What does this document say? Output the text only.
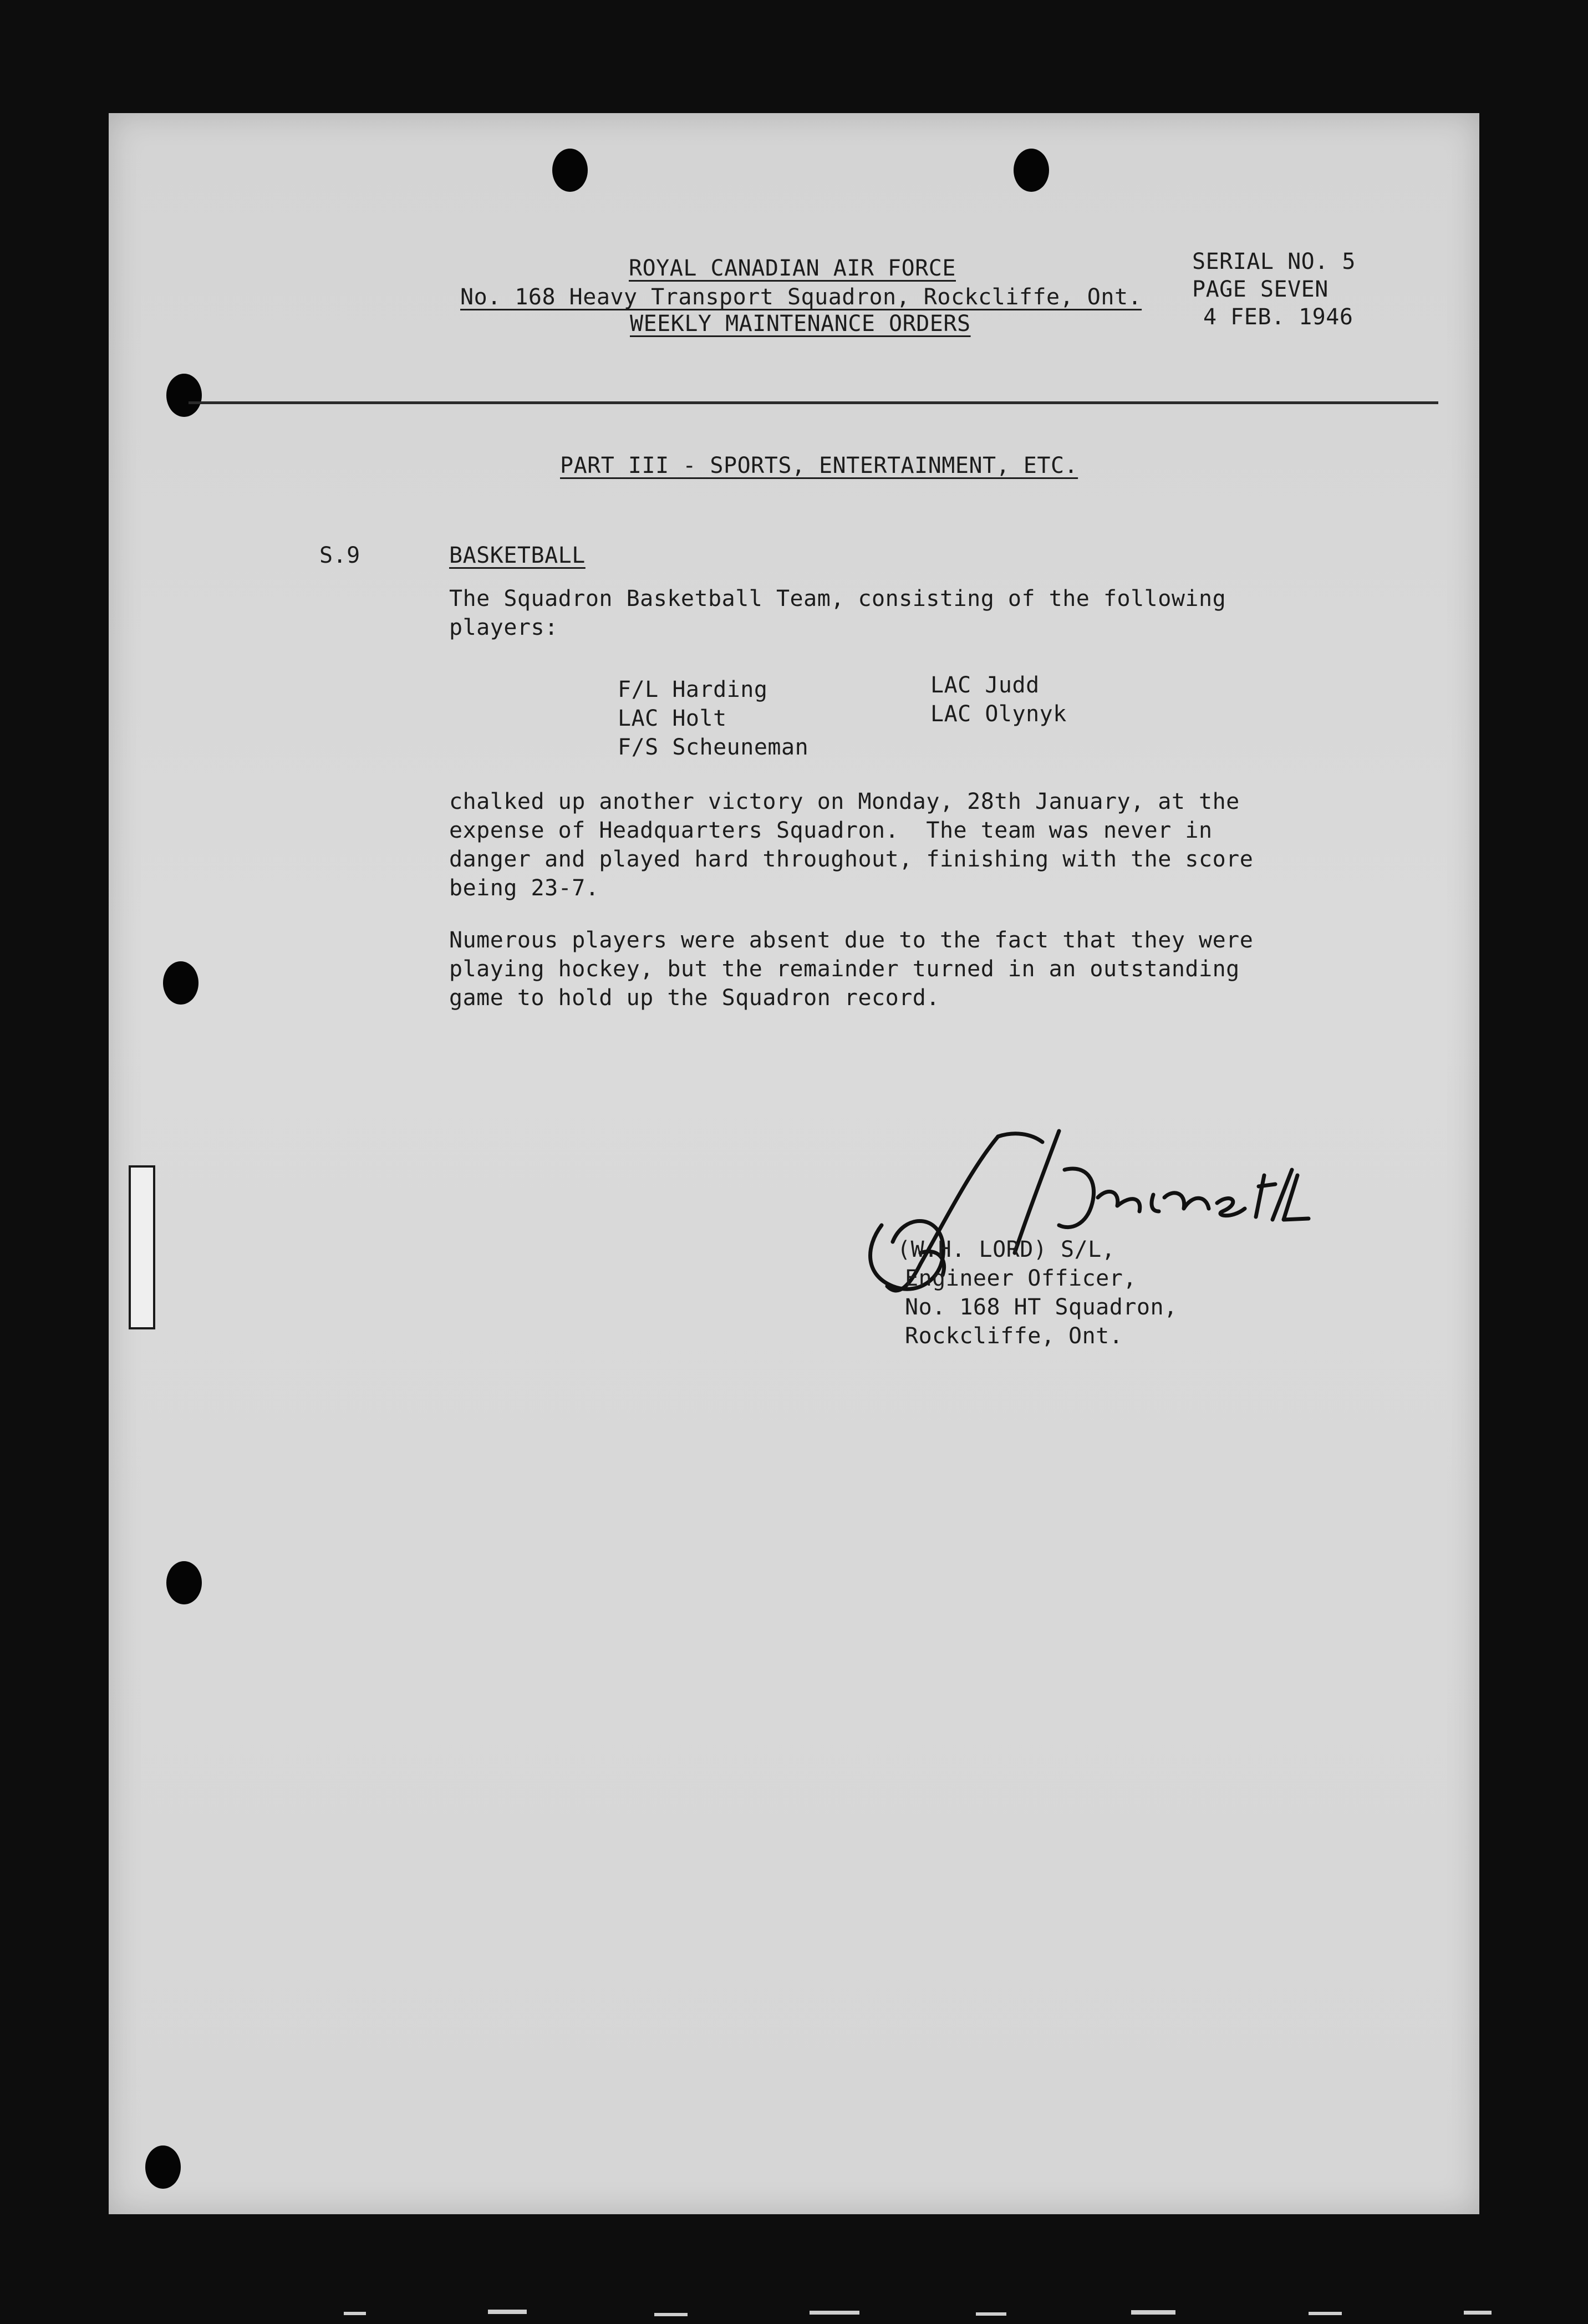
ROYAL CANADIAN AIR FORCE
No. 168 Heavy Transport Squadron, Rockcliffe, Ont.
WEEKLY MAINTENANCE ORDERS
SERIAL NO. 5
PAGE SEVEN
4 FEB. 1946
PART III - SPORTS, ENTERTAINMENT, ETC.
S.9	BASKETBALL
The Squadron Basketball Team, consisting of the following
players:
F/L Harding
LAC Holt
F/S Scheuneman
LAC Judd
LAC Olynyk
chalked up another victory on Monday, 28th January, at the
expense of Headquarters Squadron.  The team was never in
danger and played hard throughout, finishing with the score
being 23-7.
Numerous players were absent due to the fact that they were
playing hockey, but the remainder turned in an outstanding
game to hold up the Squadron record.
(W.H. LORD) S/L,
Engineer Officer,
No. 168 HT Squadron,
Rockcliffe, Ont.
